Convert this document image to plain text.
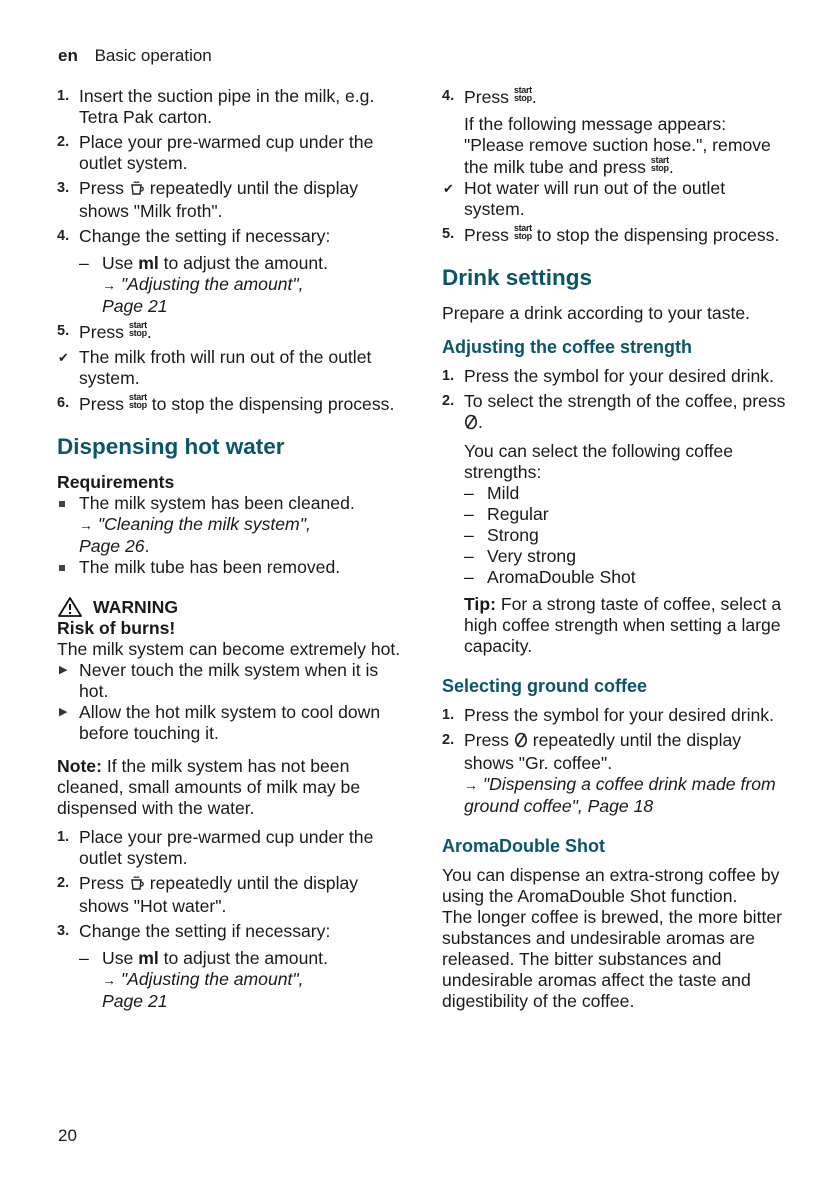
en Basic operation
1. Insert the suction pipe in the milk, e.g. Tetra Pak carton.
2. Place your pre-warmed cup under the outlet system.
3. Press  repeatedly until the display shows "Milk froth".
4. Change the setting if necessary:
– Use ml to adjust the amount.
→ "Adjusting the amount",
Page 21
5. Press start
stop .
✔ The milk froth will run out of the outlet system.
6. Press start
stop to stop the dispensing process.
Dispensing hot water
Requirements
The milk system has been cleaned.
→ "Cleaning the milk system",
Page 26.
The milk tube has been removed.
WARNING
Risk of burns!
The milk system can become extremely hot.
▶ Never touch the milk system when it is hot.
▶ Allow the hot milk system to cool down before touching it.
Note: If the milk system has not been cleaned, small amounts of milk may be dispensed with the water.
1. Place your pre-warmed cup under the outlet system.
2. Press  repeatedly until the display shows "Hot water".
3. Change the setting if necessary:
– Use ml to adjust the amount.
→ "Adjusting the amount",
Page 21
4. Press start
stop .
If the following message appears: "Please remove suction hose.", remove the milk tube and press start
stop .
✔ Hot water will run out of the outlet system.
5. Press start
stop to stop the dispensing process.
Drink settings
Prepare a drink according to your taste.
Adjusting the coffee strength
1. Press the symbol for your desired drink.
2. To select the strength of the coffee, press .
You can select the following coffee strengths:
– Mild
– Regular
– Strong
– Very strong
– AromaDouble Shot
Tip: For a strong taste of coffee, select a high coffee strength when setting a large capacity.
Selecting ground coffee
1. Press the symbol for your desired drink.
2. Press  repeatedly until the display shows "Gr. coffee".
→ "Dispensing a coffee drink made from ground coffee", Page 18
AromaDouble Shot
You can dispense an extra-strong coffee by using the AromaDouble Shot function.
The longer coffee is brewed, the more bitter substances and undesirable aromas are released. The bitter substances and undesirable aromas affect the taste and digestibility of the coffee.
20
